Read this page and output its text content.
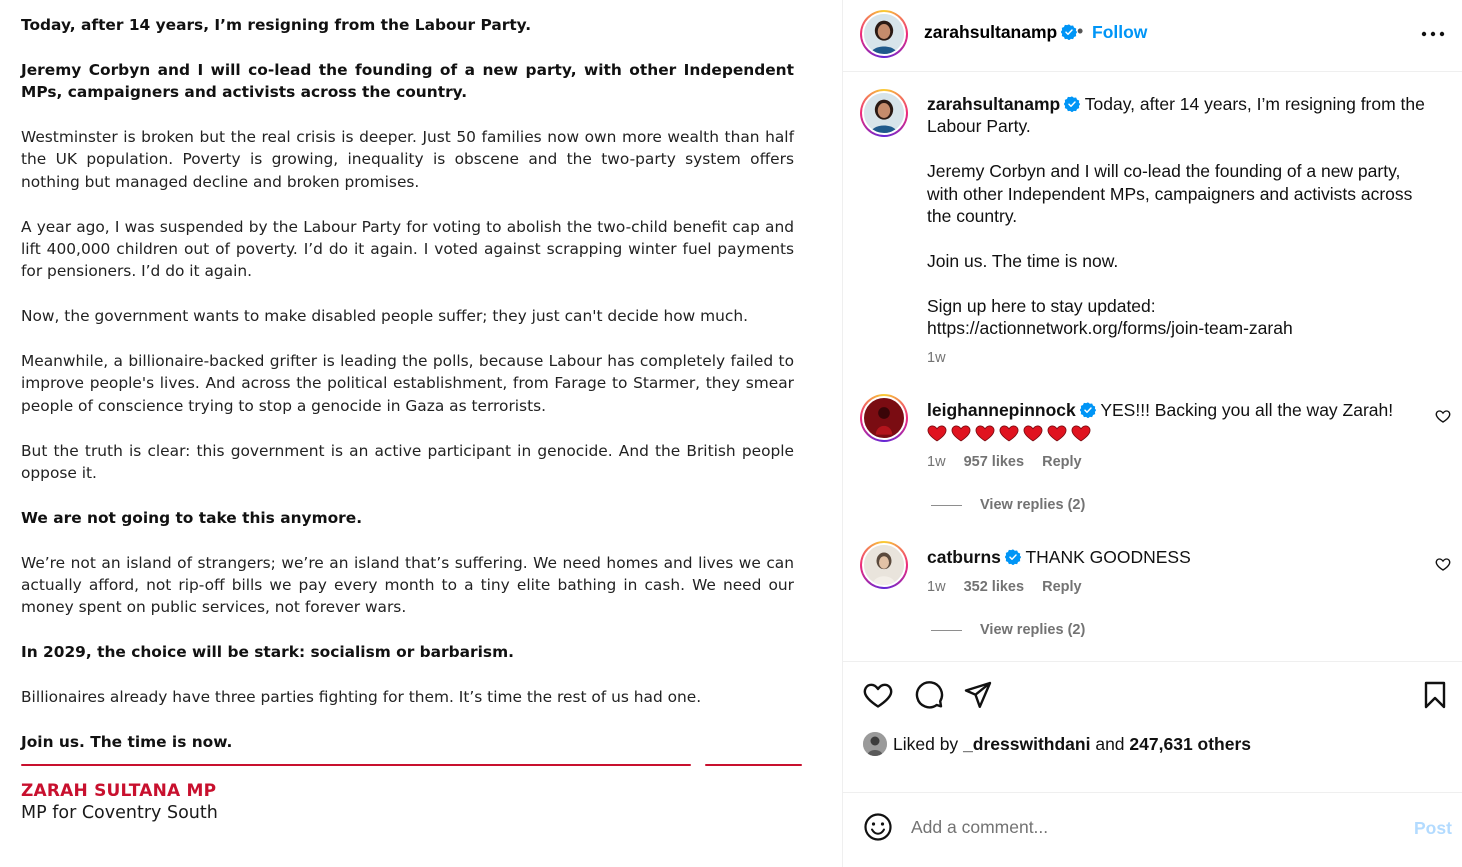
Today, after 14 years, I’m resigning from the Labour Party.

Jeremy Corbyn and I will co-lead the founding of a new party, with other Independent MPs, campaigners and activists across the country.

Westminster is broken but the real crisis is deeper. Just 50 families now own more wealth than half the UK population. Poverty is growing, inequality is obscene and the two-party system offers nothing but managed decline and broken promises.

A year ago, I was suspended by the Labour Party for voting to abolish the two-child benefit cap and lift 400,000 children out of poverty. I’d do it again. I voted against scrapping winter fuel payments for pensioners. I’d do it again.

Now, the government wants to make disabled people suffer; they just can't decide how much.

Meanwhile, a billionaire-backed grifter is leading the polls, because Labour has completely failed to improve people's lives. And across the political establishment, from Farage to Starmer, they smear people of conscience trying to stop a genocide in Gaza as terrorists.

But the truth is clear: this government is an active participant in genocide. And the British people oppose it.

We are not going to take this anymore.

We’re not an island of strangers; we’re an island that’s suffering. We need homes and lives we can actually afford, not rip-off bills we pay every month to a tiny elite bathing in cash. We need our money spent on public services, not forever wars.

In 2029, the choice will be stark: socialism or barbarism.

Billionaires already have three parties fighting for them. It’s time the rest of us had one.

Join us. The time is now.

ZARAH SULTANA MP
MP for Coventry South
zarahsultanamp	• Follow

zarahsultanamp Today, after 14 years, I’m resigning from the Labour Party.

Jeremy Corbyn and I will co-lead the founding of a new party, with other Independent MPs, campaigners and activists across the country.

Join us. The time is now.

Sign up here to stay updated:
https://actionnetwork.org/forms/join-team-zarah

1w
leighannepinnock YES!!! Backing you all the way Zarah!
1w 957 likes Reply
View replies (2)
catburns THANK GOODNESS
1w 352 likes Reply
View replies (2)
Liked by _dresswithdani and 247,631 others
Add a comment...
Post
